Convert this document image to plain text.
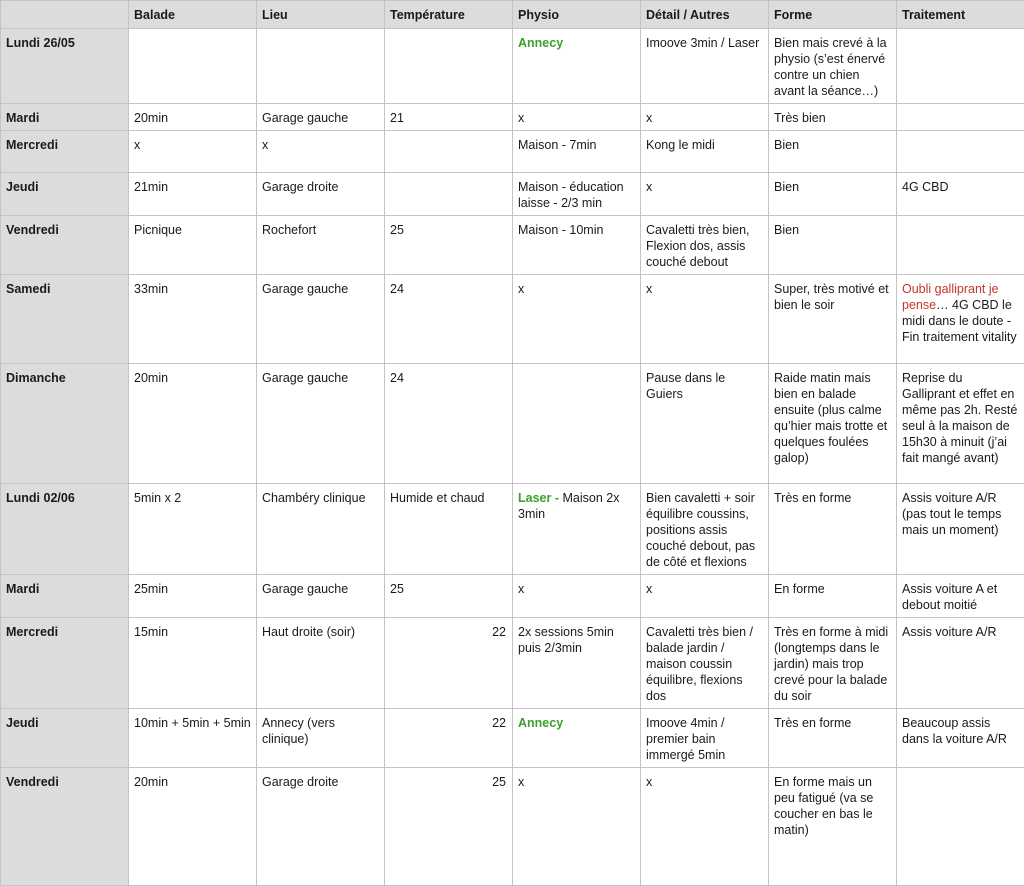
	Balade	Lieu	Température	Physio	Détail / Autres	Forme	Traitement
Lundi 26/05				Annecy	Imoove 3min / Laser	Bien mais crevé à la physio (s’est énervé contre un chien avant la séance…)	
Mardi	20min	Garage gauche	21	x	x	Très bien	
Mercredi	x	x		Maison - 7min	Kong le midi	Bien	
Jeudi	21min	Garage droite		Maison - éducation laisse - 2/3 min	x	Bien	4G CBD
Vendredi	Picnique	Rochefort	25	Maison - 10min	Cavaletti très bien, Flexion dos, assis couché debout	Bien	
Samedi	33min	Garage gauche	24	x	x	Super, très motivé et bien le soir	Oubli galliprant je pense… 4G CBD le midi dans le doute - Fin traitement vitality
Dimanche	20min	Garage gauche	24		Pause dans le Guiers	Raide matin mais bien en balade ensuite (plus calme qu’hier mais trotte et quelques foulées galop)	Reprise du Galliprant et effet en même pas 2h. Resté seul à la maison de 15h30 à minuit (j’ai fait mangé avant)
Lundi 02/06	5min x 2	Chambéry clinique	Humide et chaud	Laser - Maison 2x 3min	Bien cavaletti + soir équilibre coussins, positions assis couché debout, pas de côté et flexions	Très en forme	Assis voiture A/R (pas tout le temps mais un moment)
Mardi	25min	Garage gauche	25	x	x	En forme	Assis voiture A et debout moitié
Mercredi	15min	Haut droite (soir)	22	2x sessions 5min puis 2/3min	Cavaletti très bien / balade jardin / maison coussin équilibre, flexions dos	Très en forme à midi (longtemps dans le jardin) mais trop crevé pour la balade du soir	Assis voiture A/R
Jeudi	10min + 5min + 5min	Annecy (vers clinique)	22	Annecy	Imoove 4min / premier bain immergé 5min	Très en forme	Beaucoup assis dans la voiture A/R
Vendredi	20min	Garage droite	25	x	x	En forme mais un peu fatigué (va se coucher en bas le matin)	
